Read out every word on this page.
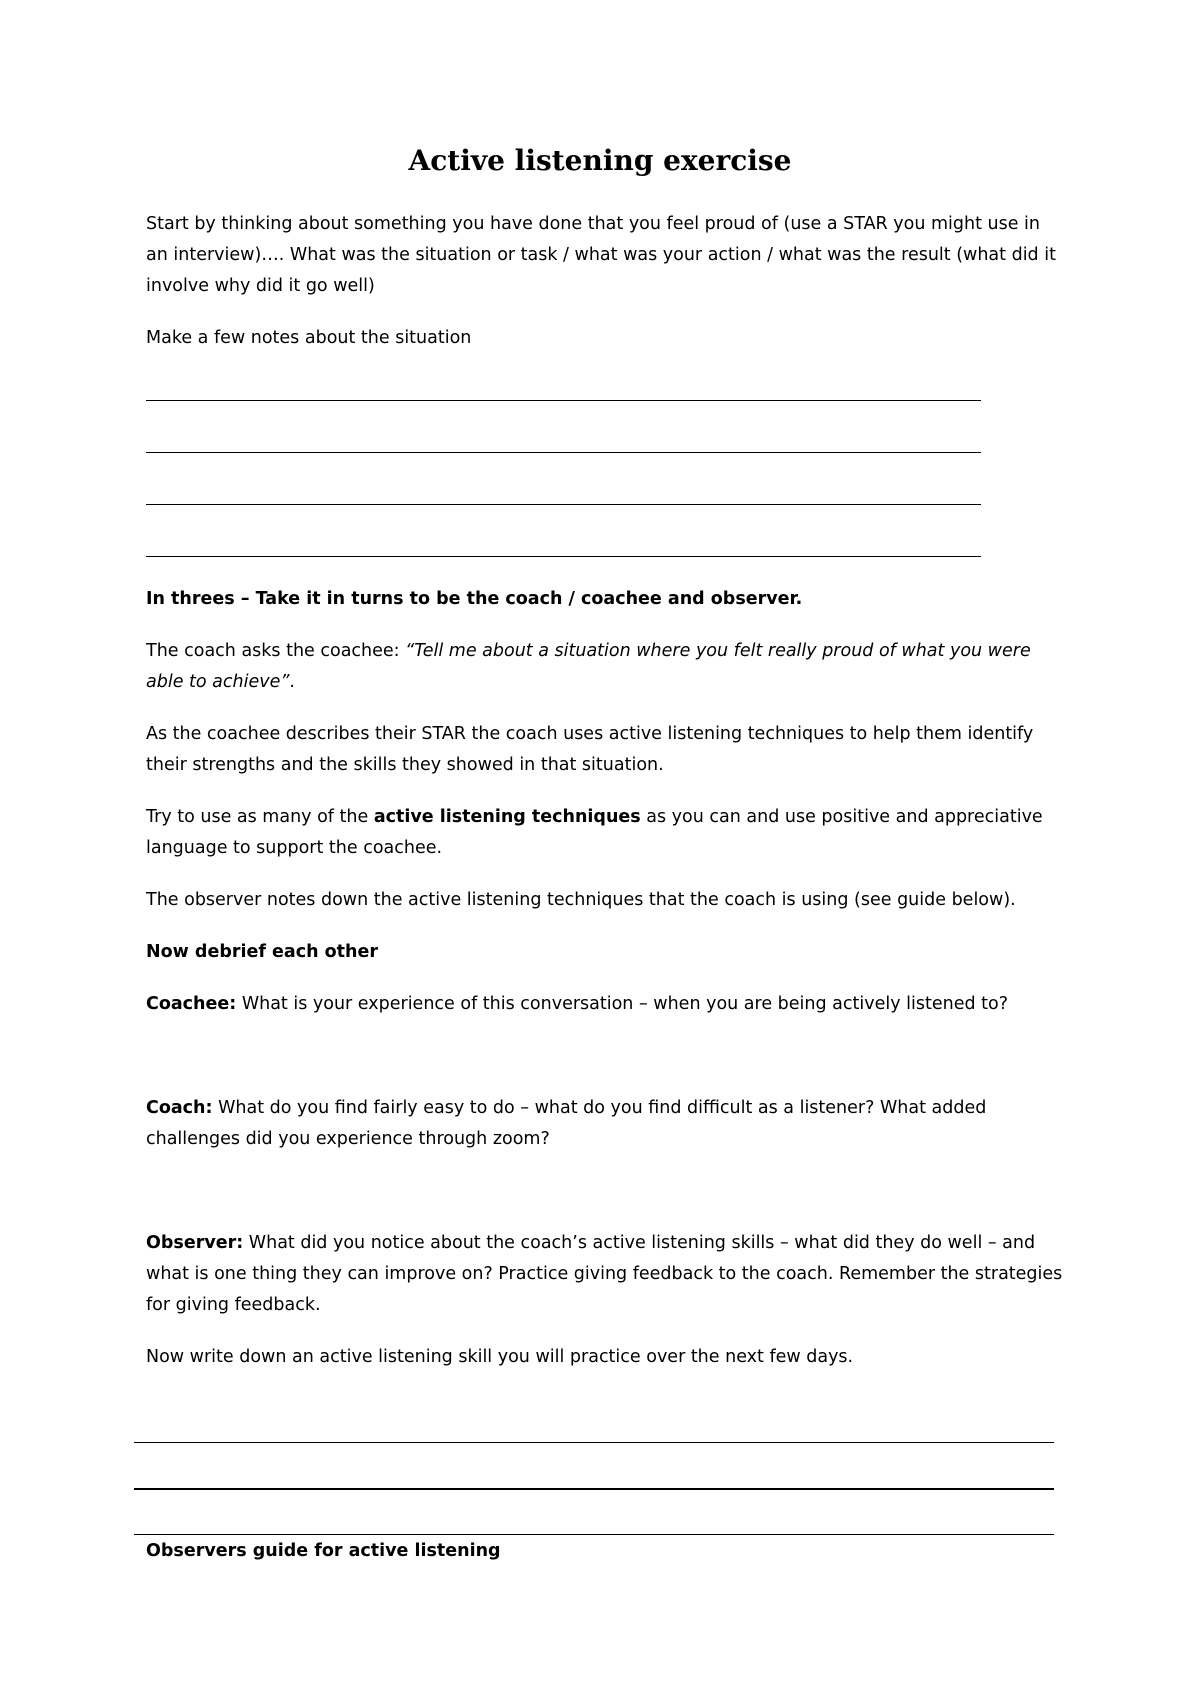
Active listening exercise

Start by thinking about something you have done that you feel proud of (use a STAR you might use in an interview)…. What was the situation or task / what was your action / what was the result (what did it involve why did it go well)

Make a few notes about the situation

In threes – Take it in turns to be the coach / coachee and observer.

The coach asks the coachee: “Tell me about a situation where you felt really proud of what you were able to achieve”.

As the coachee describes their STAR the coach uses active listening techniques to help them identify their strengths and the skills they showed in that situation.

Try to use as many of the active listening techniques as you can and use positive and appreciative language to support the coachee.

The observer notes down the active listening techniques that the coach is using (see guide below).

Now debrief each other

Coachee: What is your experience of this conversation – when you are being actively listened to?

Coach: What do you find fairly easy to do – what do you find difficult as a listener? What added challenges did you experience through zoom?

Observer: What did you notice about the coach’s active listening skills – what did they do well – and what is one thing they can improve on? Practice giving feedback to the coach. Remember the strategies for giving feedback.

Now write down an active listening skill you will practice over the next few days.

Observers guide for active listening
